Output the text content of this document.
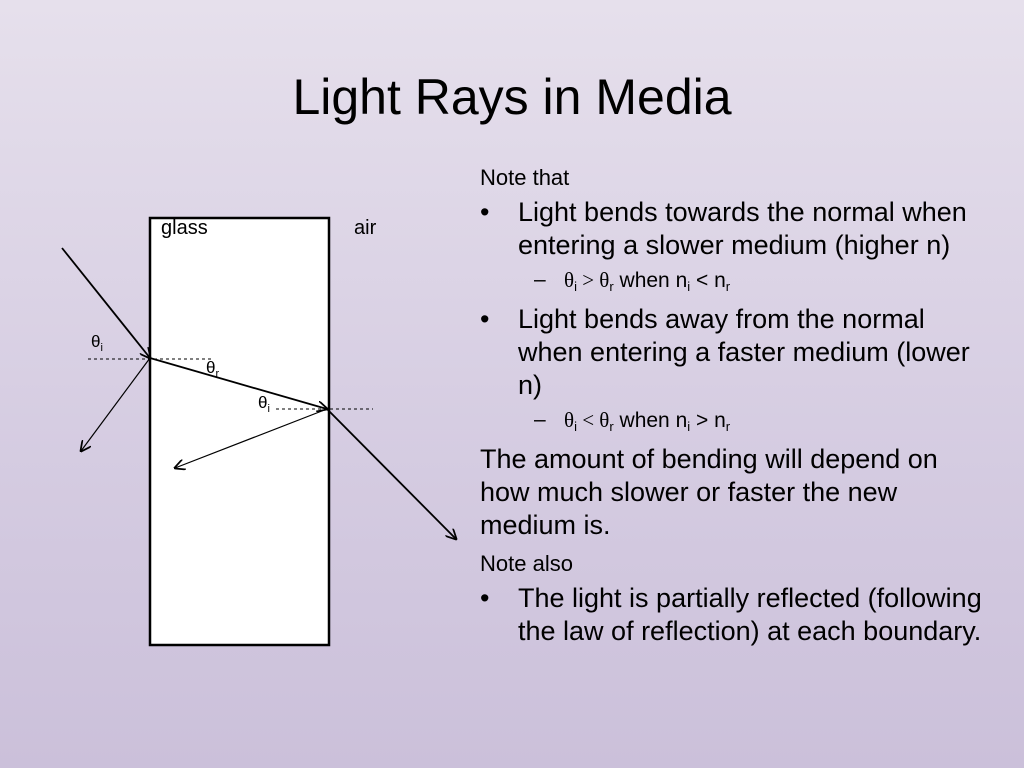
Light Rays in Media
glass	air
$\theta_i$
$\theta_r$
$\theta_i$
Note that
• Light bends towards the normal when entering a slower medium (higher n)
– $\theta_i > \theta_r$ when $n_i < n_r$
• Light bends away from the normal when entering a faster medium (lower n)
– $\theta_i < \theta_r$ when $n_i > n_r$
The amount of bending will depend on how much slower or faster the new medium is.
Note also
• The light is partially reflected (following the law of reflection) at each boundary.
